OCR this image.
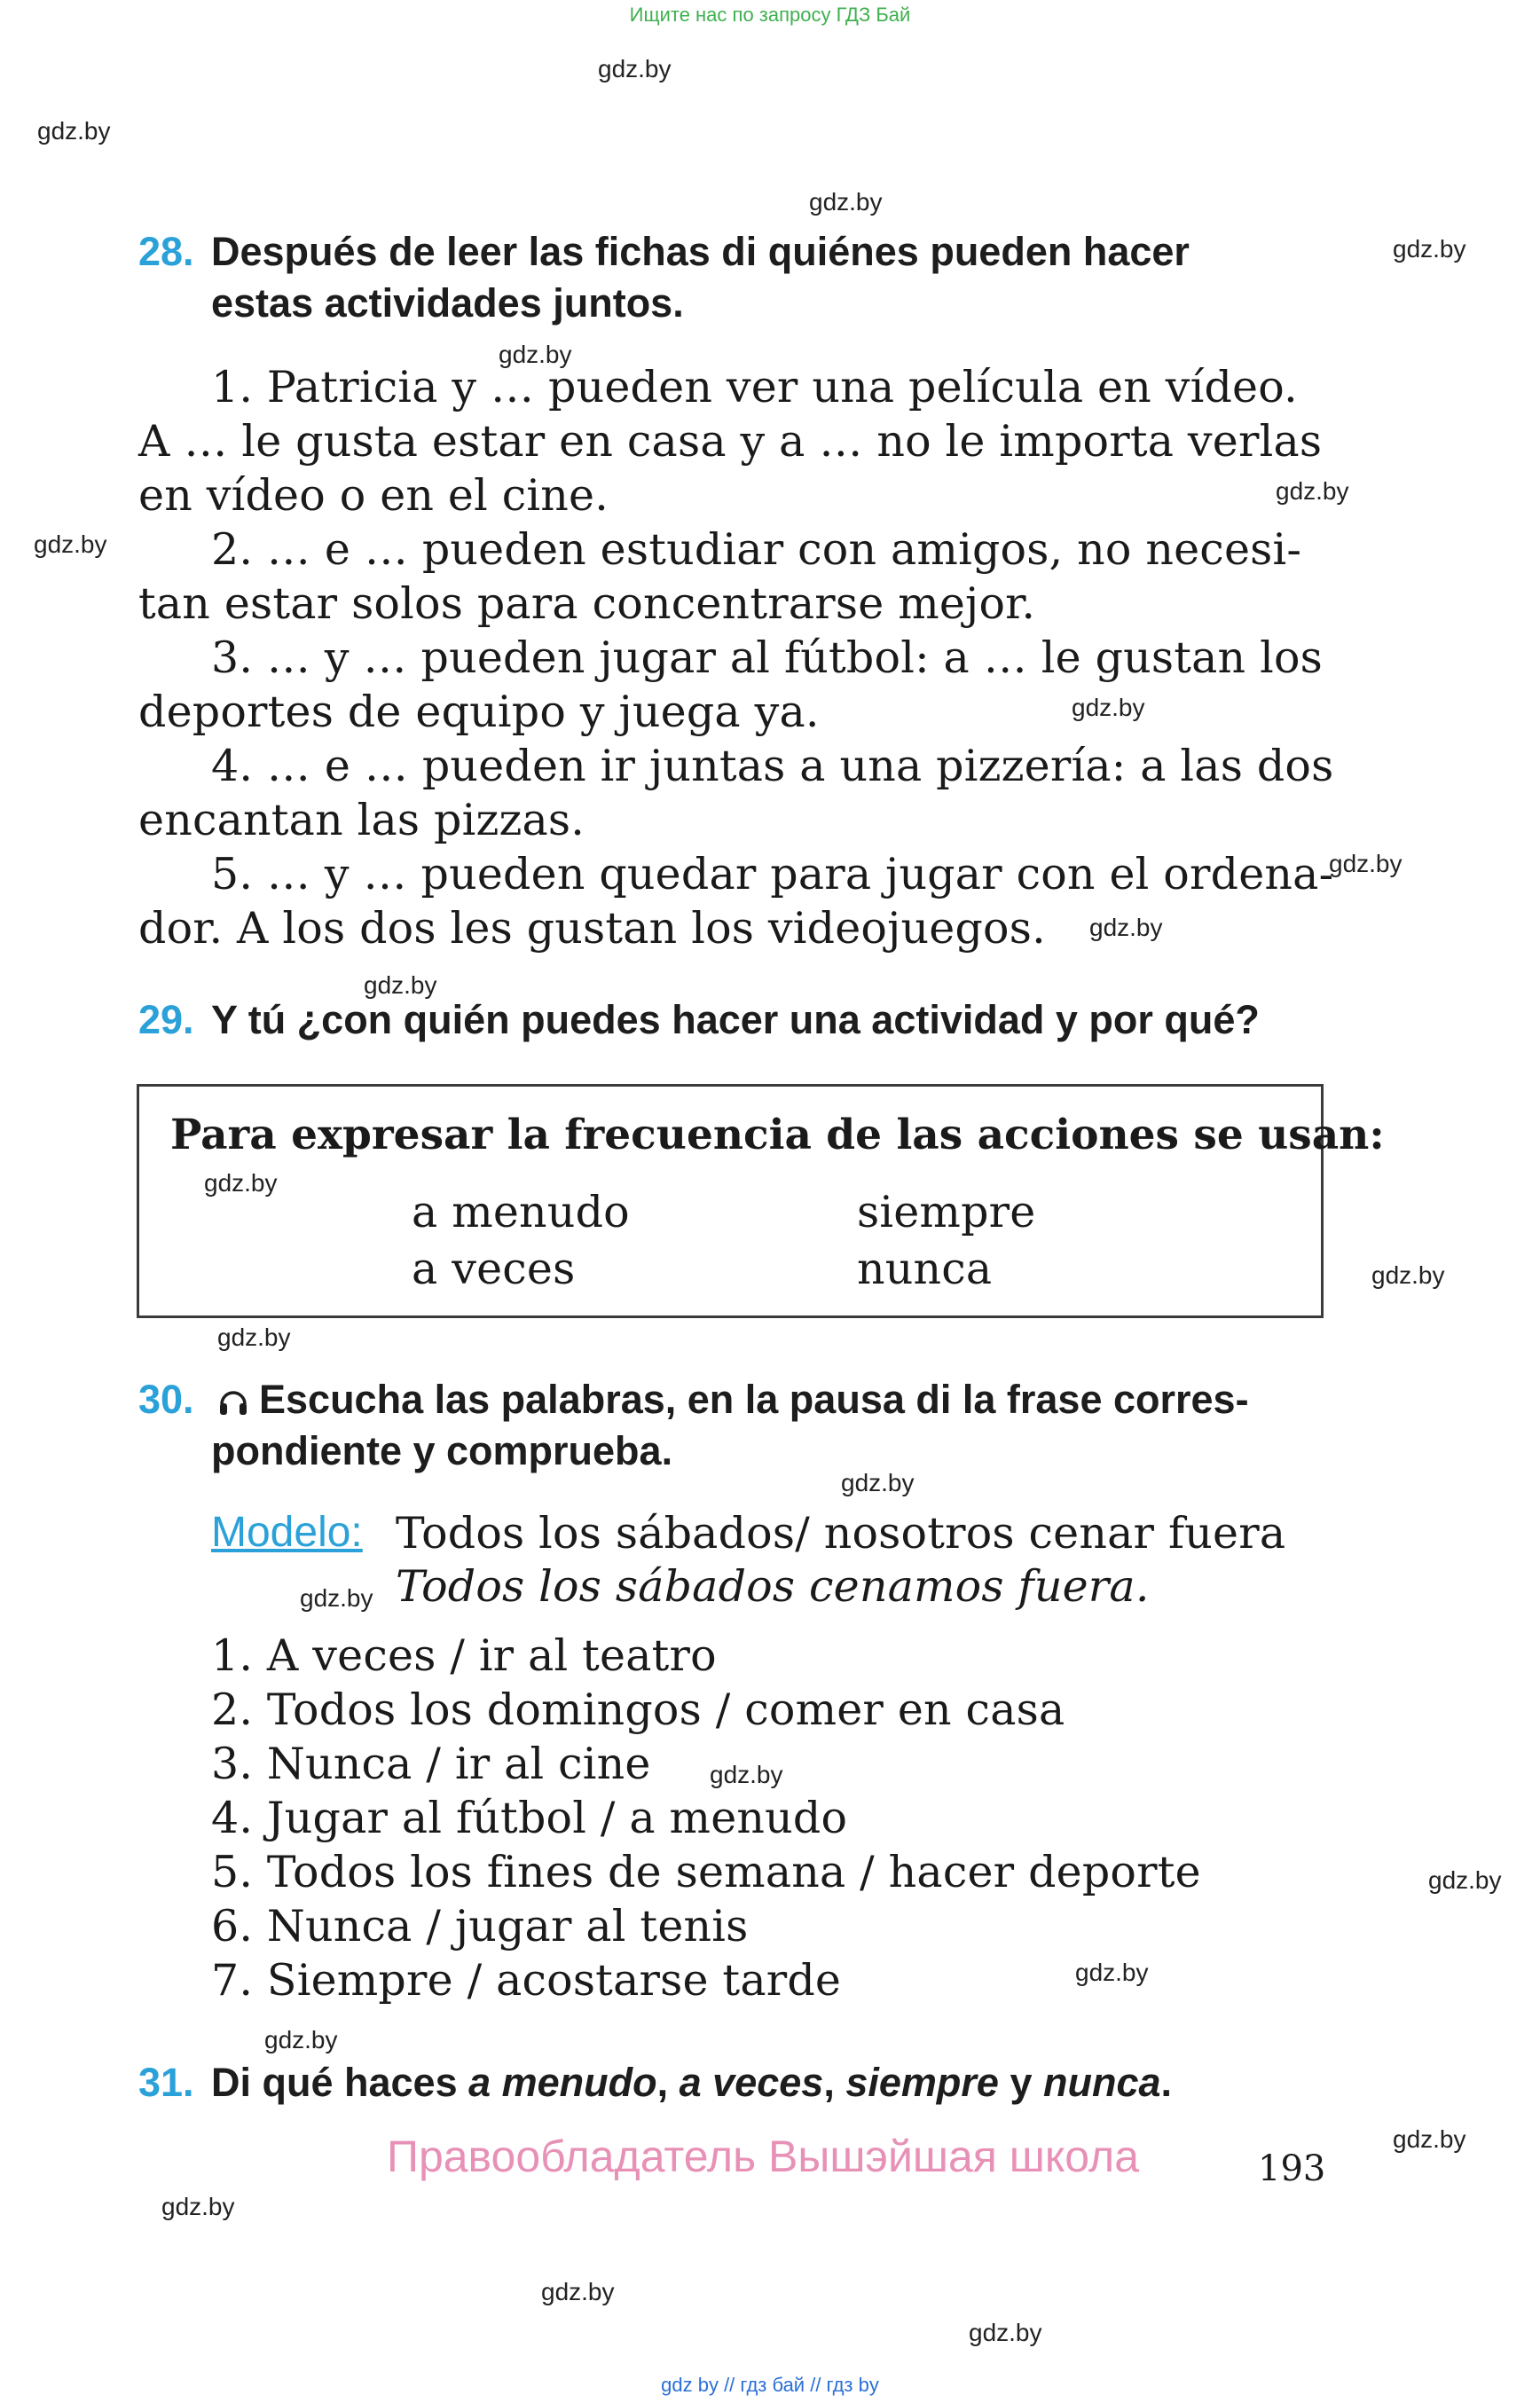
Ищите нас по запросу ГДЗ Бай
gdz.by
gdz.by
gdz.by
gdz.by
gdz.by
gdz.by
gdz.by
gdz.by
gdz.by
gdz.by
gdz.by
gdz.by
gdz.by
gdz.by
gdz.by
gdz.by
gdz.by
gdz.by
gdz.by
gdz.by
gdz.by
gdz.by
gdz.by
gdz.by
28. Después de leer las fichas di quiénes pueden hacer
estas actividades juntos.
1. Patricia y … pueden ver una película en vídeo.
A … le gusta estar en casa y a … no le importa verlas
en vídeo o en el cine.
2. … e … pueden estudiar con amigos, no necesi-
tan estar solos para concentrarse mejor.
3. … y … pueden jugar al fútbol: a … le gustan los
deportes de equipo y juega ya.
4. … e … pueden ir juntas a una pizzería: a las dos
encantan las pizzas.
5. … y … pueden quedar para jugar con el ordena-
dor. A los dos les gustan los videojuegos.
29. Y tú ¿con quién puedes hacer una actividad y por qué?
Para expresar la frecuencia de las acciones se usan:
a menudo
a veces
siempre
nunca
30. Escucha las palabras, en la pausa di la frase corres-
pondiente y comprueba.
Modelo: Todos los sábados/ nosotros cenar fuera
Todos los sábados cenamos fuera.
1. A veces / ir al teatro
2. Todos los domingos / comer en casa
3. Nunca / ir al cine
4. Jugar al fútbol / a menudo
5. Todos los fines de semana / hacer deporte
6. Nunca / jugar al tenis
7. Siempre / acostarse tarde
31. Di qué haces a menudo, a veces, siempre y nunca.
Правообладатель Вышэйшая школа	193
gdz by // гдз бай // гдз by
